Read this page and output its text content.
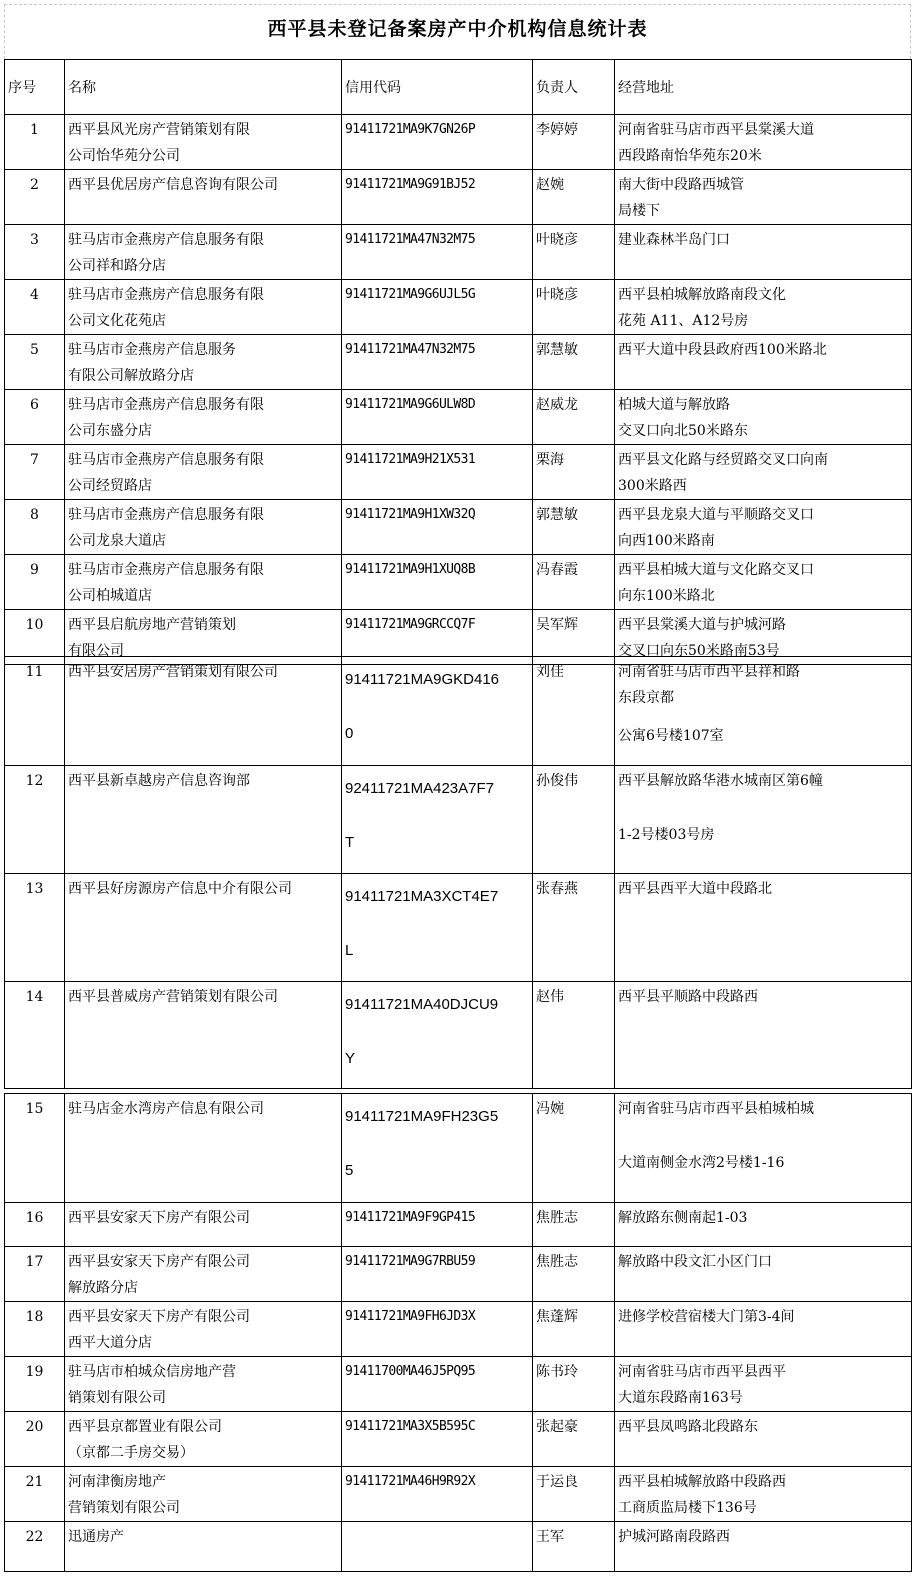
西平县未登记备案房产中介机构信息统计表
序号	名称	信用代码	负责人	经营地址

1	西平县风光房产营销策划有限
公司怡华苑分公司	91411721MA9K7GN26P	李婷婷	河南省驻马店市西平县棠溪大道
西段路南怡华苑东20米

2	西平县优居房产信息咨询有限公司	91411721MA9G91BJ52	赵婉	南大街中段路西城管
局楼下

3	驻马店市金燕房产信息服务有限
公司祥和路分店	91411721MA47N32M75	叶晓彦	建业森林半岛门口

4	驻马店市金燕房产信息服务有限
公司文化花苑店	91411721MA9G6UJL5G	叶晓彦	西平县柏城解放路南段文化
花苑 A11、A12号房

5	驻马店市金燕房产信息服务
有限公司解放路分店	91411721MA47N32M75	郭慧敏	西平大道中段县政府西100米路北

6	驻马店市金燕房产信息服务有限
公司东盛分店	91411721MA9G6ULW8D	赵威龙	柏城大道与解放路
交叉口向北50米路东

7	驻马店市金燕房产信息服务有限
公司经贸路店	91411721MA9H21X531	栗海	西平县文化路与经贸路交叉口向南
300米路西

8	驻马店市金燕房产信息服务有限
公司龙泉大道店	91411721MA9H1XW32Q	郭慧敏	西平县龙泉大道与平顺路交叉口
向西100米路南

9	驻马店市金燕房产信息服务有限
公司柏城道店	91411721MA9H1XUQ8B	冯春霞	西平县柏城大道与文化路交叉口
向东100米路北

10	西平县启航房地产营销策划
有限公司	91411721MA9GRCCQ7F	吴军辉	西平县棠溪大道与护城河路
交叉口向东50米路南53号
11	西平县安居房产营销策划有限公司	91411721MA9GKD416
0	刘佳	河南省驻马店市西平县祥和路
东段京都
公寓6号楼107室

12	西平县新卓越房产信息咨询部	92411721MA423A7F7
T	孙俊伟	西平县解放路华港水城南区第6幢
1-2号楼03号房

13	西平县好房源房产信息中介有限公司	91411721MA3XCT4E7
L	张春燕	西平县西平大道中段路北

14	西平县普威房产营销策划有限公司	91411721MA40DJCU9
Y	赵伟	西平县平顺路中段路西
15	驻马店金水湾房产信息有限公司	91411721MA9FH23G5
5	冯婉	河南省驻马店市西平县柏城柏城
大道南侧金水湾2号楼1-16

16	西平县安家天下房产有限公司	91411721MA9F9GP415	焦胜志	解放路东侧南起1-03

17	西平县安家天下房产有限公司
解放路分店	91411721MA9G7RBU59	焦胜志	解放路中段文汇小区门口

18	西平县安家天下房产有限公司
西平大道分店	91411721MA9FH6JD3X	焦蓬辉	进修学校营宿楼大门第3-4间

19	驻马店市柏城众信房地产营
销策划有限公司	91411700MA46J5PQ95	陈书玲	河南省驻马店市西平县西平
大道东段路南163号

20	西平县京都置业有限公司
（京都二手房交易）	91411721MA3X5B595C	张起豪	西平县凤鸣路北段路东

21	河南津衡房地产
营销策划有限公司	91411721MA46H9R92X	于运良	西平县柏城解放路中段路西
工商质监局楼下136号

22	迅通房产		王军	护城河路南段路西
